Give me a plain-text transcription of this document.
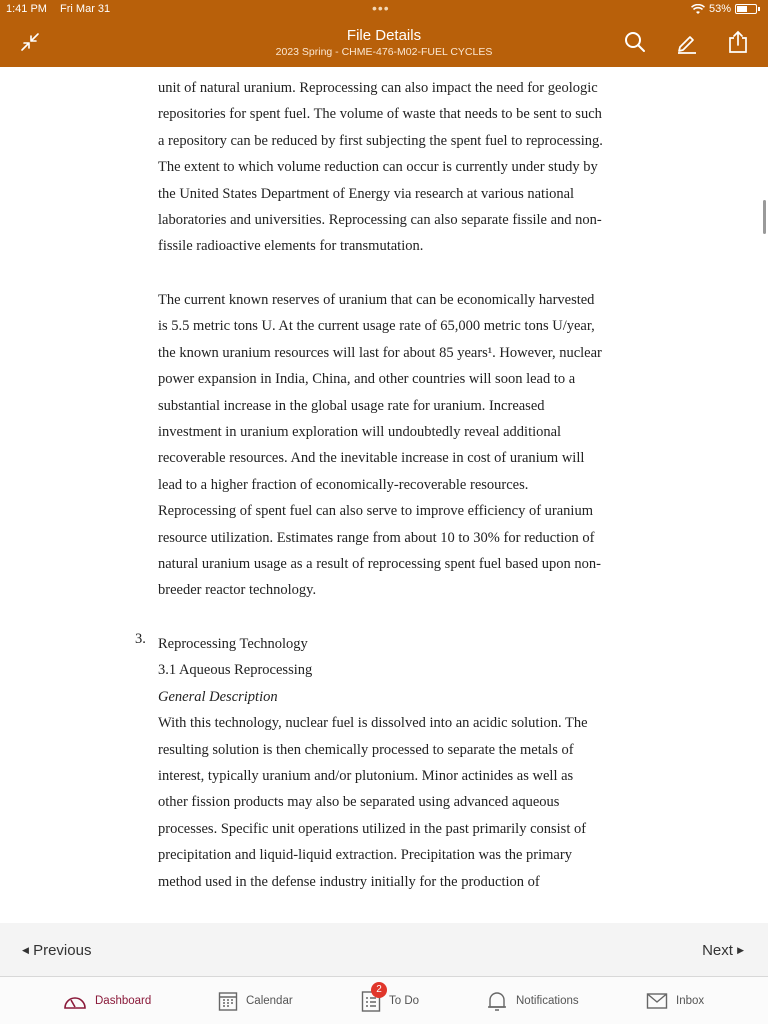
1:41 PM Fri Mar 31	•••	53%
File Details
2023 Spring - CHME-476-M02-FUEL CYCLES
unit of natural uranium. Reprocessing can also impact the need for geologic
repositories for spent fuel. The volume of waste that needs to be sent to such
a repository can be reduced by first subjecting the spent fuel to reprocessing.
The extent to which volume reduction can occur is currently under study by
the United States Department of Energy via research at various national
laboratories and universities. Reprocessing can also separate fissile and non-
fissile radioactive elements for transmutation.
The current known reserves of uranium that can be economically harvested
is 5.5 metric tons U. At the current usage rate of 65,000 metric tons U/year,
the known uranium resources will last for about 85 years¹. However, nuclear
power expansion in India, China, and other countries will soon lead to a
substantial increase in the global usage rate for uranium. Increased
investment in uranium exploration will undoubtedly reveal additional
recoverable resources. And the inevitable increase in cost of uranium will
lead to a higher fraction of economically-recoverable resources.
Reprocessing of spent fuel can also serve to improve efficiency of uranium
resource utilization. Estimates range from about 10 to 30% for reduction of
natural uranium usage as a result of reprocessing spent fuel based upon non-
breeder reactor technology.
3. Reprocessing Technology
3.1 Aqueous Reprocessing
General Description
With this technology, nuclear fuel is dissolved into an acidic solution. The
resulting solution is then chemically processed to separate the metals of
interest, typically uranium and/or plutonium. Minor actinides as well as
other fission products may also be separated using advanced aqueous
processes. Specific unit operations utilized in the past primarily consist of
precipitation and liquid-liquid extraction. Precipitation was the primary
method used in the defense industry initially for the production of
◀ Previous	Next ▶
Dashboard	Calendar
2
To Do	Notifications	Inbox
